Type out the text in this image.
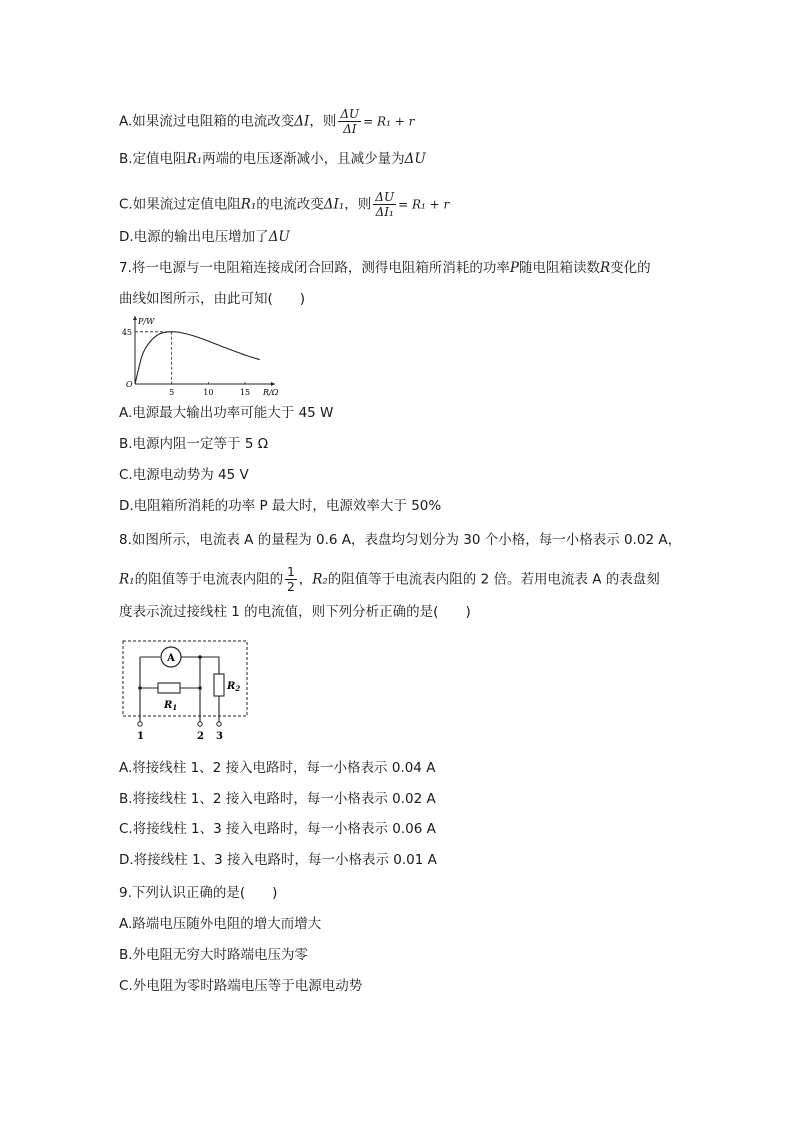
A.如果流过电阻箱的电流改变ΔI，则 $\frac{\Delta U}{\Delta I} = R_1 + r$
B.定值电阻R₁两端的电压逐渐减小，且减少量为ΔU
C.如果流过定值电阻R₁的电流改变ΔI₁，则 $\frac{\Delta U}{\text{ΔI₁}} = R_1 + r$
D.电源的输出电压增加了ΔU
7.将一电源与一电阻箱连接成闭合回路，测得电阻箱所消耗的功率P随电阻箱读数R变化的
曲线如图所示，由此可知(　　)
P/W
R/Ω
O
45
5	10	15
A.电源最大输出功率可能大于 45 W
B.电源内阻一定等于 5 Ω
C.电源电动势为 45 V
D.电阻箱所消耗的功率 P 最大时，电源效率大于 50%
8.如图所示，电流表 A 的量程为 0.6 A，表盘均匀划分为 30 个小格，每一小格表示 0.02 A，
R₁的阻值等于电流表内阻的 $\frac{1}{2}$ ，R₂的阻值等于电流表内阻的 2 倍。若用电流表 A 的表盘刻
度表示流过接线柱 1 的电流值，则下列分析正确的是(　　)
A
$R_1$
$R_2$
1	2 3
A.将接线柱 1、2 接入电路时，每一小格表示 0.04 A
B.将接线柱 1、2 接入电路时，每一小格表示 0.02 A
C.将接线柱 1、3 接入电路时，每一小格表示 0.06 A
D.将接线柱 1、3 接入电路时，每一小格表示 0.01 A
9.下列认识正确的是(　　)
A.路端电压随外电阻的增大而增大
B.外电阻无穷大时路端电压为零
C.外电阻为零时路端电压等于电源电动势
